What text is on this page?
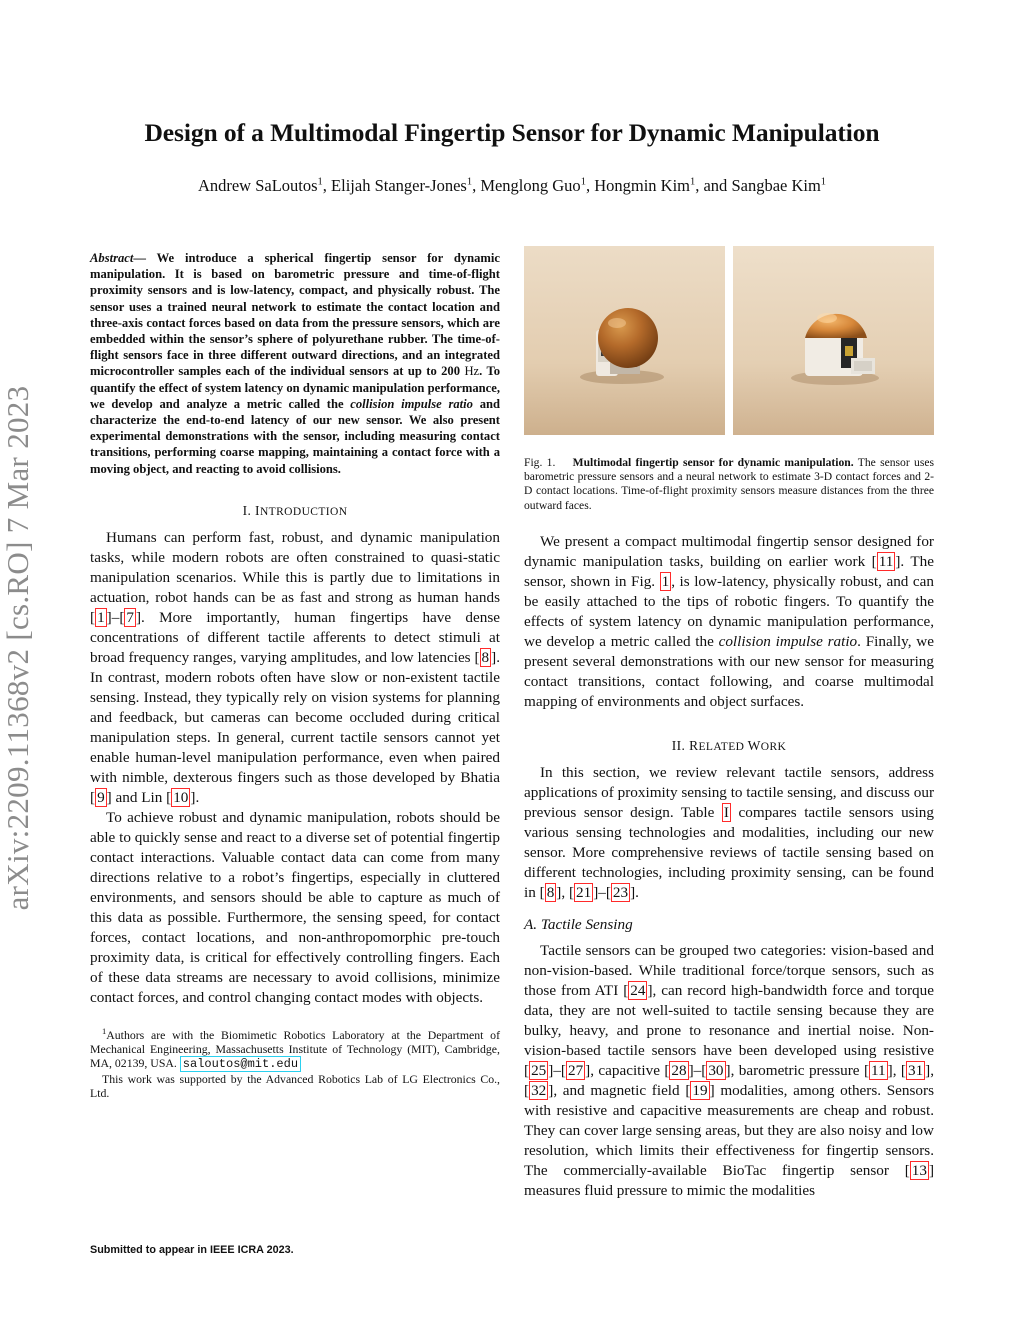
Design of a Multimodal Fingertip Sensor for Dynamic Manipulation
Andrew SaLoutos$^1$, Elijah Stanger-Jones$^1$, Menglong Guo$^1$, Hongmin Kim$^1$, and Sangbae Kim$^1$
arXiv:2209.11368v2 [cs.RO] 7 Mar 2023

Abstract— We introduce a spherical fingertip sensor for dynamic manipulation. It is based on barometric pressure and time-of-flight proximity sensors and is low-latency, compact, and physically robust. The sensor uses a trained neural network to estimate the contact location and three-axis contact forces based on data from the pressure sensors, which are embedded within the sensor’s sphere of polyurethane rubber. The time-of-flight sensors face in three different outward directions, and an integrated microcontroller samples each of the individual sensors at up to 200 Hz. To quantify the effect of system latency on dynamic manipulation performance, we develop and analyze a metric called the collision impulse ratio and characterize the end-to-end latency of our new sensor. We also present experimental demonstrations with the sensor, including measuring contact transitions, performing coarse mapping, maintaining a contact force with a moving object, and reacting to avoid collisions.

I. INTRODUCTION

Humans can perform fast, robust, and dynamic manipulation tasks, while modern robots are often constrained to quasi-static manipulation scenarios. While this is partly due to limitations in actuation, robot hands can be as fast and strong as human hands [ 1 ]–[ 7 ]. More importantly, human fingertips have dense concentrations of different tactile afferents to detect stimuli at broad frequency ranges, varying amplitudes, and low latencies [ 8 ]. In contrast, modern robots often have slow or non-existent tactile sensing. Instead, they typically rely on vision systems for planning and feedback, but cameras can become occluded during critical manipulation steps. In general, current tactile sensors cannot yet enable human-level manipulation performance, even when paired with nimble, dexterous fingers such as those developed by Bhatia [ 9 ] and Lin [ 10 ].

To achieve robust and dynamic manipulation, robots should be able to quickly sense and react to a diverse set of potential fingertip contact interactions. Valuable contact data can come from many directions relative to a robot’s fingertips, especially in cluttered environments, and sensors should be able to capture as much of this data as possible. Furthermore, the sensing speed, for contact forces, contact locations, and non-anthropomorphic pre-touch proximity data, is critical for effectively controlling fingers. Each of these data streams are necessary to avoid collisions, minimize contact forces, and control changing contact modes with objects.

$^1$Authors are with the Biomimetic Robotics Laboratory at the Department of Mechanical Engineering, Massachusetts Institute of Technology (MIT), Cambridge, MA, 02139, USA. saloutos@mit.edu

This work was supported by the Advanced Robotics Lab of LG Electronics Co., Ltd.

Submitted to appear in IEEE ICRA 2023.
Fig. 1. Multimodal fingertip sensor for dynamic manipulation. The sensor uses barometric pressure sensors and a neural network to estimate 3-D contact forces and 2-D contact locations. Time-of-flight proximity sensors measure distances from the three outward faces.

We present a compact multimodal fingertip sensor designed for dynamic manipulation tasks, building on earlier work [ 11 ]. The sensor, shown in Fig. 1 , is low-latency, physically robust, and can be easily attached to the tips of robotic fingers. To quantify the effects of system latency on dynamic manipulation performance, we develop a metric called the collision impulse ratio. Finally, we present several demonstrations with our new sensor for measuring contact transitions, contact following, and coarse multimodal mapping of environments and object surfaces.

II. RELATED WORK

In this section, we review relevant tactile sensors, address applications of proximity sensing to tactile sensing, and discuss our previous sensor design. Table I compares tactile sensors using various sensing technologies and modalities, including our new sensor. More comprehensive reviews of tactile sensing based on different technologies, including proximity sensing, can be found in [ 8 ], [ 21 ]–[ 23 ].

A. Tactile Sensing

Tactile sensors can be grouped two categories: vision-based and non-vision-based. While traditional force/torque sensors, such as those from ATI [ 24 ], can record high-bandwidth force and torque data, they are not well-suited to tactile sensing because they are bulky, heavy, and prone to resonance and inertial noise. Non-vision-based tactile sensors have been developed using resistive [ 25 ]–[ 27 ], capacitive [ 28 ]–[ 30 ], barometric pressure [ 11 ], [ 31 ], [ 32 ], and magnetic field [ 19 ] modalities, among others. Sensors with resistive and capacitive measurements are cheap and robust. They can cover large sensing areas, but they are also noisy and low resolution, which limits their effectiveness for fingertip sensors. The commercially-available BioTac fingertip sensor [ 13 ] measures fluid pressure to mimic the modalities
